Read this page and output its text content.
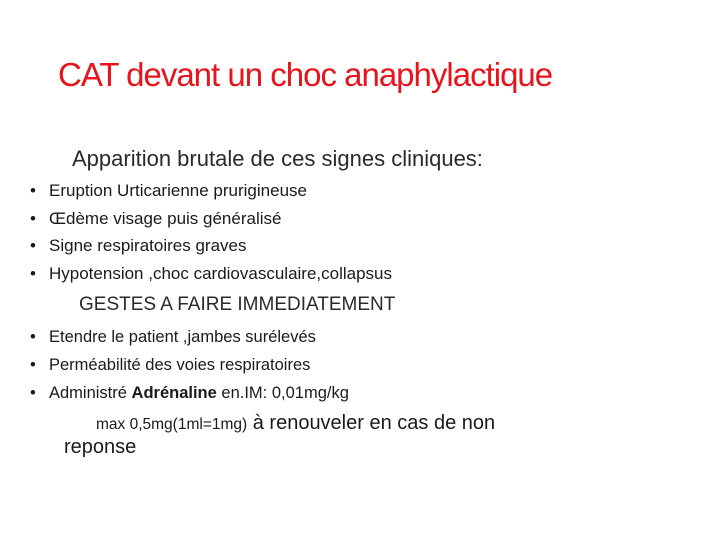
CAT devant un choc anaphylactique
Apparition brutale de ces signes cliniques:
• Eruption Urticarienne prurigineuse
• Œdème visage puis généralisé
• Signe respiratoires graves
• Hypotension ,choc cardiovasculaire,collapsus
GESTES A FAIRE IMMEDIATEMENT
• Etendre le patient ,jambes surélevés
• Perméabilité des voies respiratoires
• Administré Adrénaline en.IM: 0,01mg/kg
max 0,5mg(1ml=1mg) à renouveler en cas de non
reponse
